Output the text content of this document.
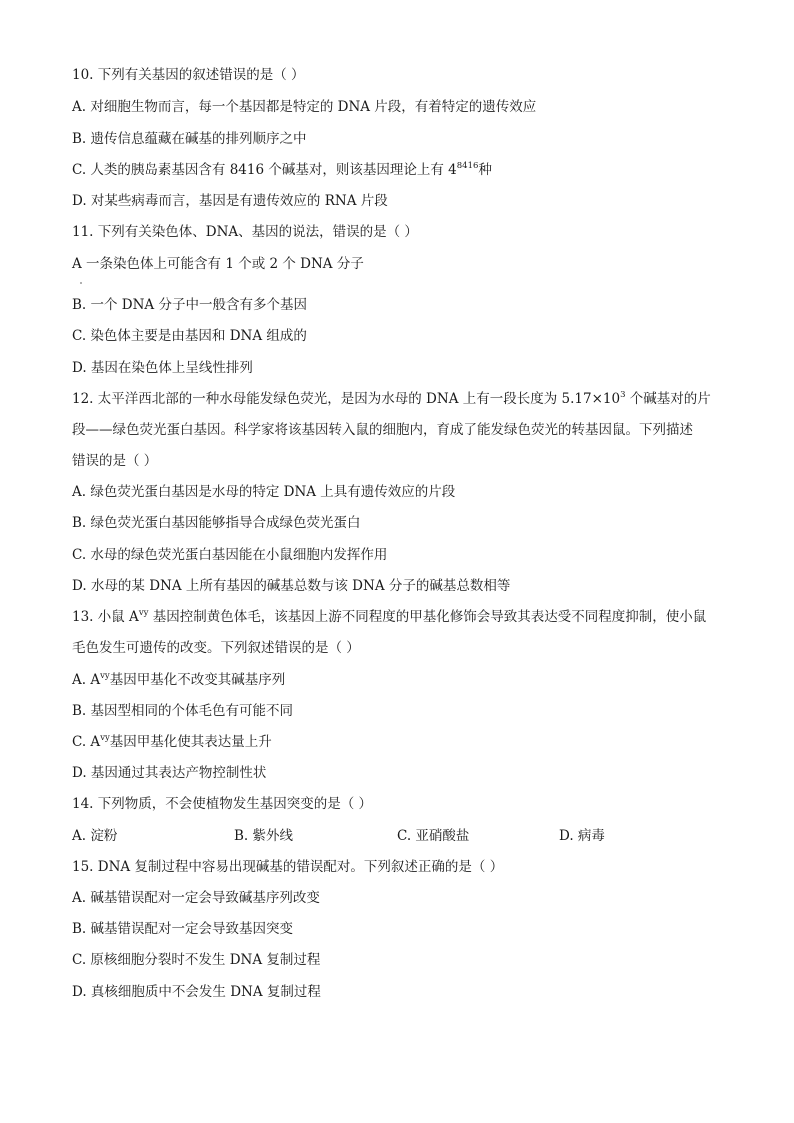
10. 下列有关基因的叙述错误的是（ ）
A. 对细胞生物而言，每一个基因都是特定的 DNA 片段，有着特定的遗传效应
B. 遗传信息蕴藏在碱基的排列顺序之中
C. 人类的胰岛素基因含有 8416 个碱基对，则该基因理论上有 $4^{8416}$种
D. 对某些病毒而言，基因是有遗传效应的 RNA 片段
11. 下列有关染色体、DNA、基因的说法，错误的是（ ）
A 一条染色体上可能含有 1 个或 2 个 DNA 分子
B. 一个 DNA 分子中一般含有多个基因
C. 染色体主要是由基因和 DNA 组成的
D. 基因在染色体上呈线性排列
12. 太平洋西北部的一种水母能发绿色荧光，是因为水母的 DNA 上有一段长度为 $5.17\times 10^3$ 个碱基对的片
段——绿色荧光蛋白基因。科学家将该基因转入鼠的细胞内，育成了能发绿色荧光的转基因鼠。下列描述
错误的是（ ）
A. 绿色荧光蛋白基因是水母的特定 DNA 上具有遗传效应的片段
B. 绿色荧光蛋白基因能够指导合成绿色荧光蛋白
C. 水母的绿色荧光蛋白基因能在小鼠细胞内发挥作用
D. 水母的某 DNA 上所有基因的碱基总数与该 DNA 分子的碱基总数相等
13. 小鼠 $A^{vy}$ 基因控制黄色体毛，该基因上游不同程度的甲基化修饰会导致其表达受不同程度抑制，使小鼠
毛色发生可遗传的改变。下列叙述错误的是（ ）
A. $A^{vy}$基因甲基化不改变其碱基序列
B. 基因型相同的个体毛色有可能不同
C. $A^{vy}$基因甲基化使其表达量上升
D. 基因通过其表达产物控制性状
14. 下列物质，不会使植物发生基因突变的是（ ）
A. 淀粉	B. 紫外线	C. 亚硝酸盐	D. 病毒
15. DNA 复制过程中容易出现碱基的错误配对。下列叙述正确的是（ ）
A. 碱基错误配对一定会导致碱基序列改变
B. 碱基错误配对一定会导致基因突变
C. 原核细胞分裂时不发生 DNA 复制过程
D. 真核细胞质中不会发生 DNA 复制过程
